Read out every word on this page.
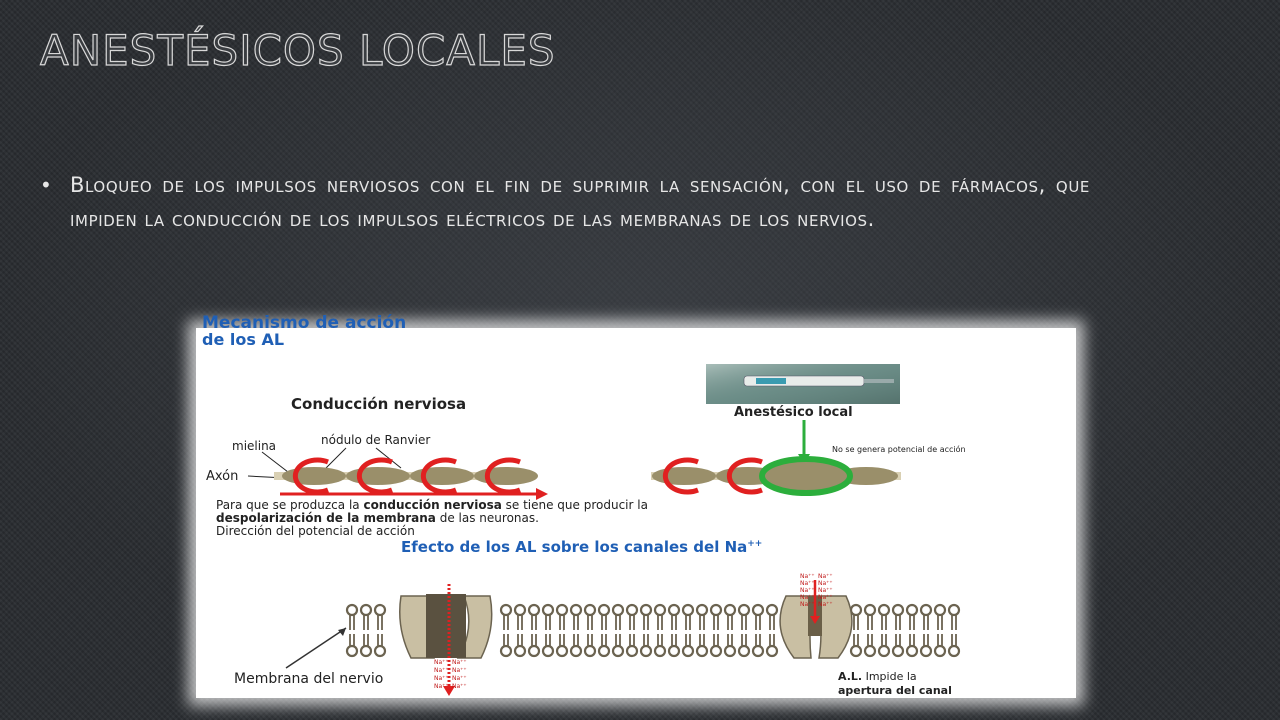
ANESTÉSICOS LOCALES
• Bloqueo de los impulsos nerviosos con el fin de suprimir la sensación, con el uso de fármacos, que impiden la conducción de los impulsos eléctricos de las membranas de los nervios.
Mecanismo de acción
de los AL
Conducción nerviosa
mielina	nódulo de Ranvier
Axón
Para que se produzca la conducción nerviosa se tiene que producir la
despolarización de la membrana de las neuronas.
Dirección del potencial de acción
Anestésico local
No se genera potencial de acción
Efecto de los AL sobre los canales del Na++
Na⁺⁺ Na⁺⁺
Na⁺⁺ Na⁺⁺
Na⁺⁺ Na⁺⁺
Na⁺⁺ Na⁺⁺
Na⁺⁺ Na⁺⁺
Na⁺⁺ Na⁺⁺
Na⁺⁺ Na⁺⁺
Na⁺⁺ Na⁺⁺
Na⁺⁺ Na⁺⁺
Membrana del nervio	A.L. Impide la
apertura del canal
